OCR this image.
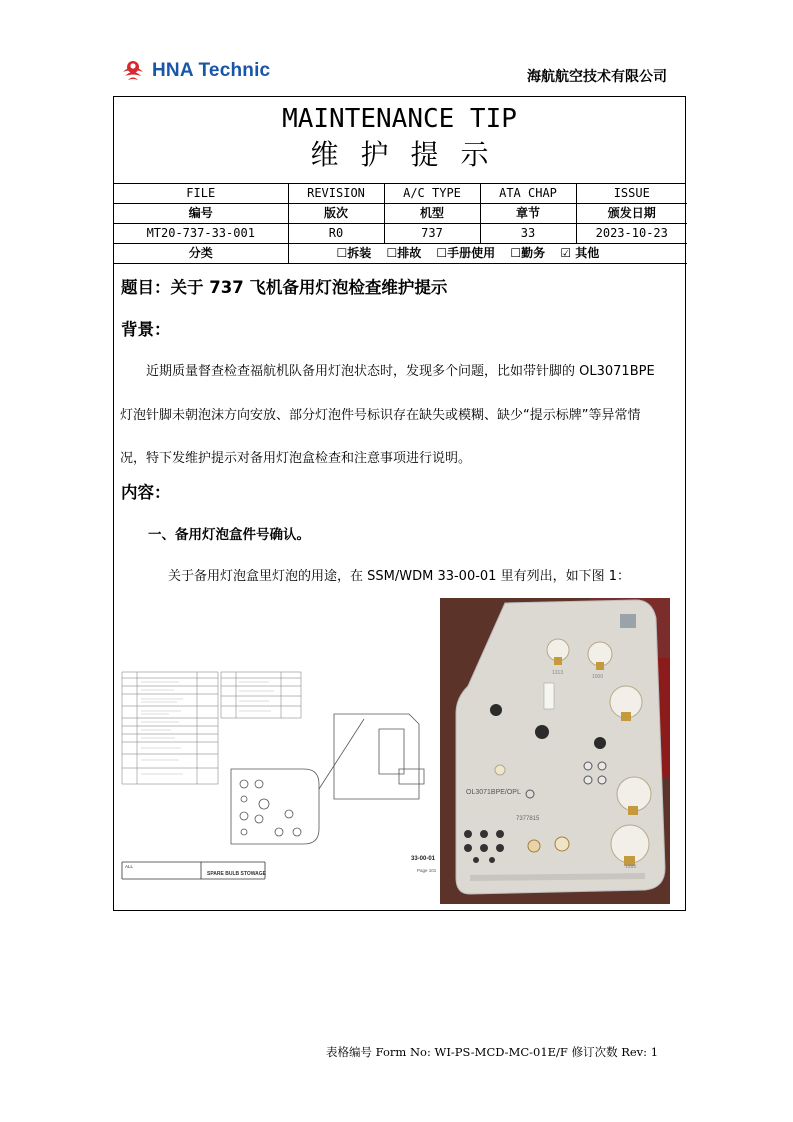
HNA Technic	海航航空技术有限公司
MAINTENANCE TIP
维护提示
FILE	REVISION	A/C TYPE	ATA CHAP	ISSUE
编号	版次	机型	章节	颁发日期
MT20-737-33-001	R0	737	33	2023-10-23
分类	☐拆装 ☐排故 ☐手册使用 ☐勤务 ☑ 其他			
题目：关于 737 飞机备用灯泡检查维护提示
背景：
近期质量督查检查福航机队备用灯泡状态时，发现多个问题，比如带针脚的 OL3071BPE
灯泡针脚未朝泡沫方向安放、部分灯泡件号标识存在缺失或模糊、缺少“提示标牌”等异常情
况，特下发维护提示对备用灯泡盒检查和注意事项进行说明。
内容：
一、备用灯泡盒件号确认。
关于备用灯泡盒里灯泡的用途，在 SSM/WDM 33-00-01 里有列出，如下图 1：
ALL
SPARE BULB STOWAGE
33-00-01
Page 101
OL3071BPE/OPL
7377815
1313
1000
1995
表格编号 Form No: WI-PS-MCD-MC-01E/F 修订次数 Rev: 1
